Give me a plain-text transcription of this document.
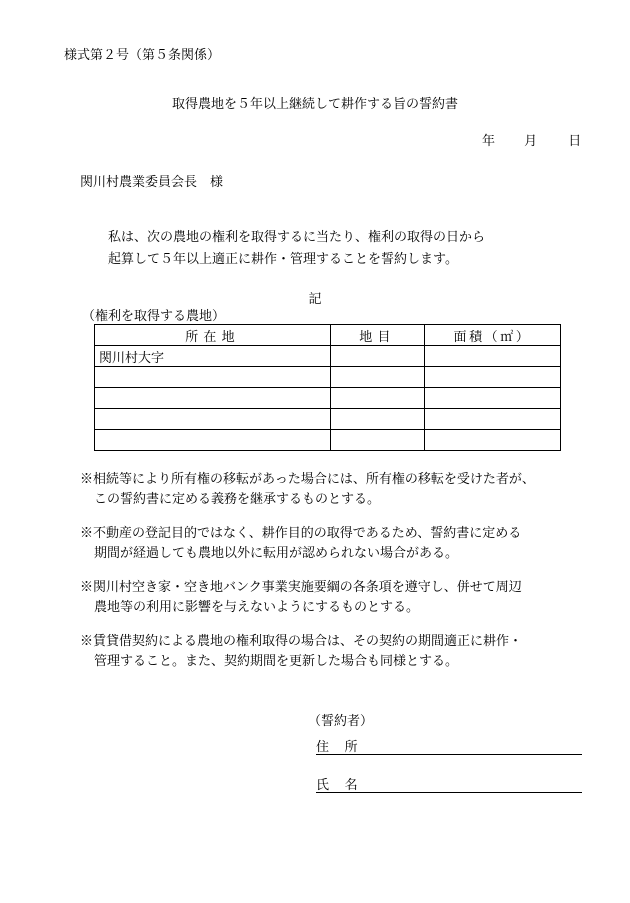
様式第２号（第５条関係）
取得農地を５年以上継続して耕作する旨の誓約書
年 月 日
関川村農業委員会長　様
私は、次の農地の権利を取得するに当たり、権利の取得の日から
起算して５年以上適正に耕作・管理することを誓約します。
記
（権利を取得する農地）
所在地	地目	面積（㎡）
関川村大字		

※相続等により所有権の移転があった場合には、所有権の移転を受けた者が、
この誓約書に定める義務を継承するものとする。
※不動産の登記目的ではなく、耕作目的の取得であるため、誓約書に定める
期間が経過しても農地以外に転用が認められない場合がある。
※関川村空き家・空き地バンク事業実施要綱の各条項を遵守し、併せて周辺
農地等の利用に影響を与えないようにするものとする。
※賃貸借契約による農地の権利取得の場合は、その契約の期間適正に耕作・
管理すること。また、契約期間を更新した場合も同様とする。
（誓約者）
住所
氏名
